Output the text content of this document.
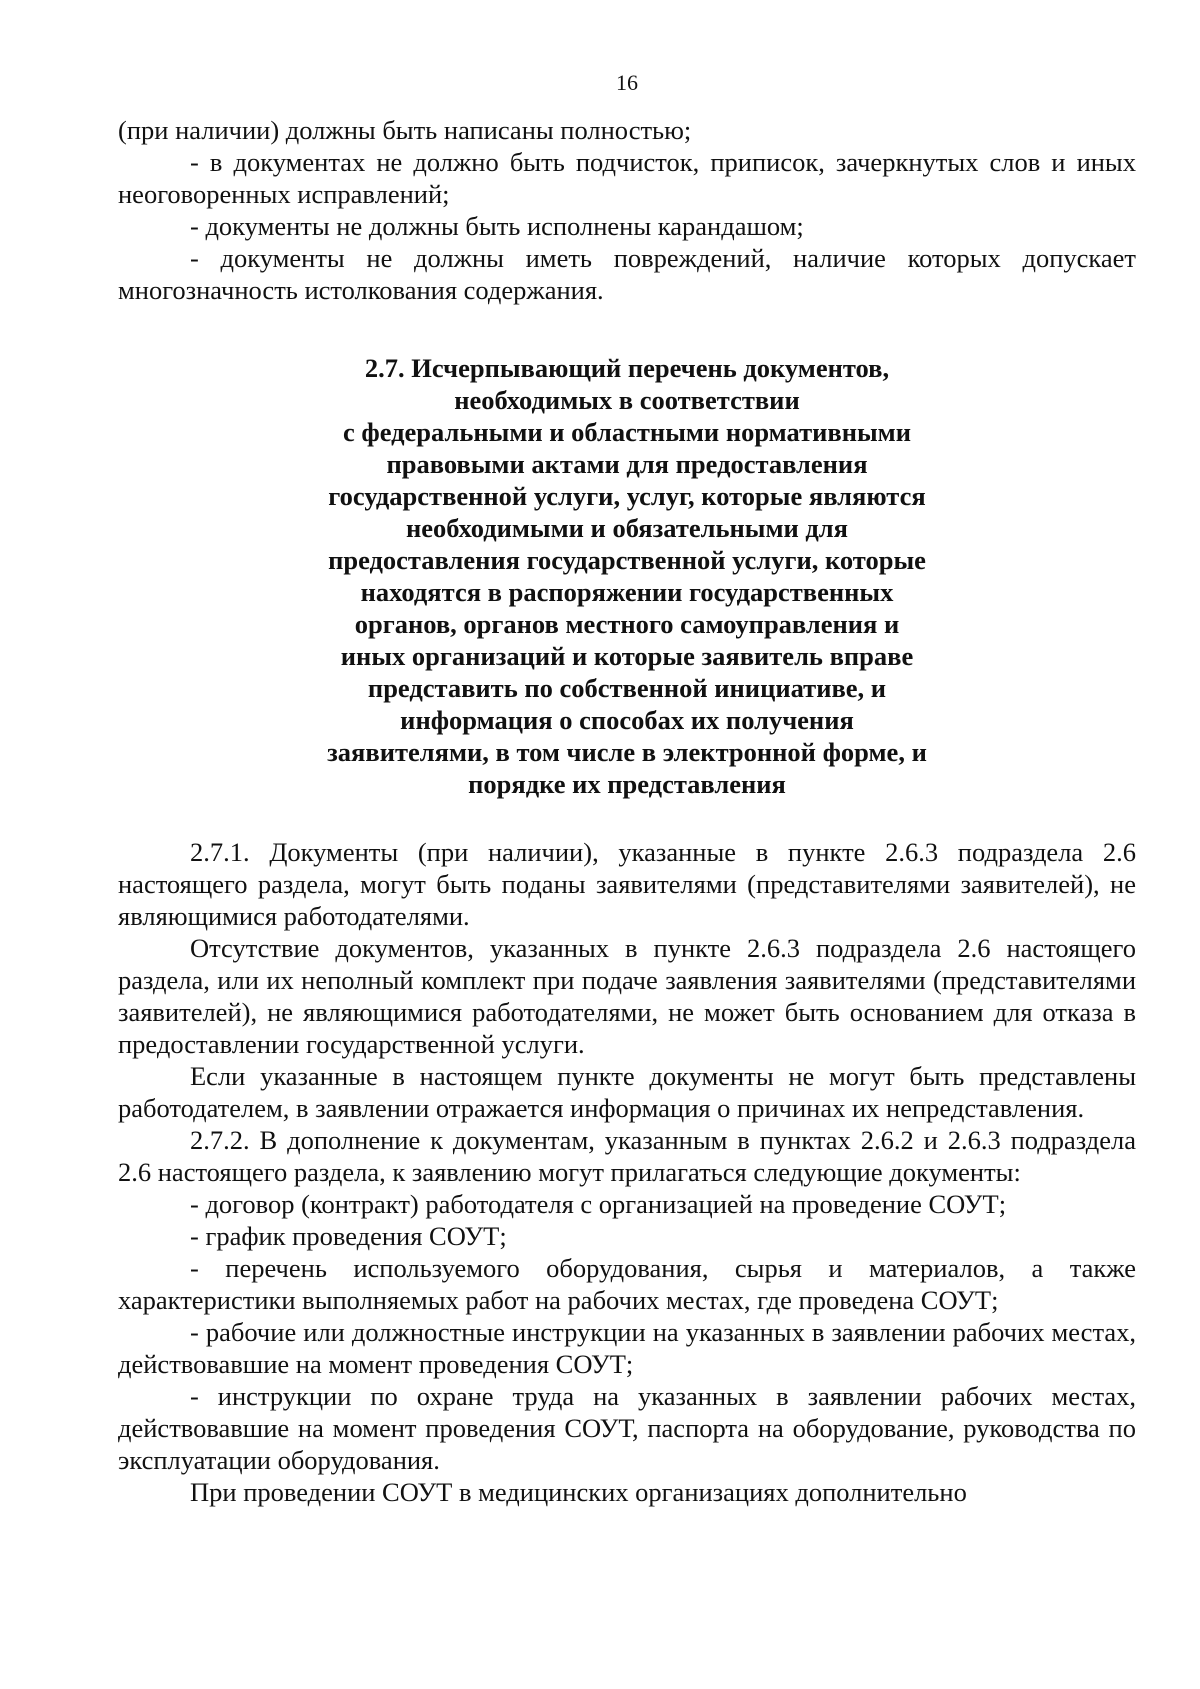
16

(при наличии) должны быть написаны полностью;

- в документах не должно быть подчисток, приписок, зачеркнутых слов и иных неоговоренных исправлений;

- документы не должны быть исполнены карандашом;

- документы не должны иметь повреждений, наличие которых допускает многозначность истолкования содержания.

2.7. Исчерпывающий перечень документов,
необходимых в соответствии
с федеральными и областными нормативными
правовыми актами для предоставления
государственной услуги, услуг, которые являются
необходимыми и обязательными для
предоставления государственной услуги, которые
находятся в распоряжении государственных
органов, органов местного самоуправления и
иных организаций и которые заявитель вправе
представить по собственной инициативе, и
информация о способах их получения
заявителями, в том числе в электронной форме, и
порядке их представления

2.7.1. Документы (при наличии), указанные в пункте 2.6.3 подраздела 2.6 настоящего раздела, могут быть поданы заявителями (представителями заявителей), не являющимися работодателями.

Отсутствие документов, указанных в пункте 2.6.3 подраздела 2.6 настоящего раздела, или их неполный комплект при подаче заявления заявителями (представителями заявителей), не являющимися работодателями, не может быть основанием для отказа в предоставлении государственной услуги.

Если указанные в настоящем пункте документы не могут быть представлены работодателем, в заявлении отражается информация о причинах их непредставления.

2.7.2. В дополнение к документам, указанным в пунктах 2.6.2 и 2.6.3 подраздела 2.6 настоящего раздела, к заявлению могут прилагаться следующие документы:

- договор (контракт) работодателя с организацией на проведение СОУТ;

- график проведения СОУТ;

- перечень используемого оборудования, сырья и материалов, а также характеристики выполняемых работ на рабочих местах, где проведена СОУТ;

- рабочие или должностные инструкции на указанных в заявлении рабочих местах, действовавшие на момент проведения СОУТ;

- инструкции по охране труда на указанных в заявлении рабочих местах, действовавшие на момент проведения СОУТ, паспорта на оборудование, руководства по эксплуатации оборудования.

При проведении СОУТ в медицинских организациях дополнительно
